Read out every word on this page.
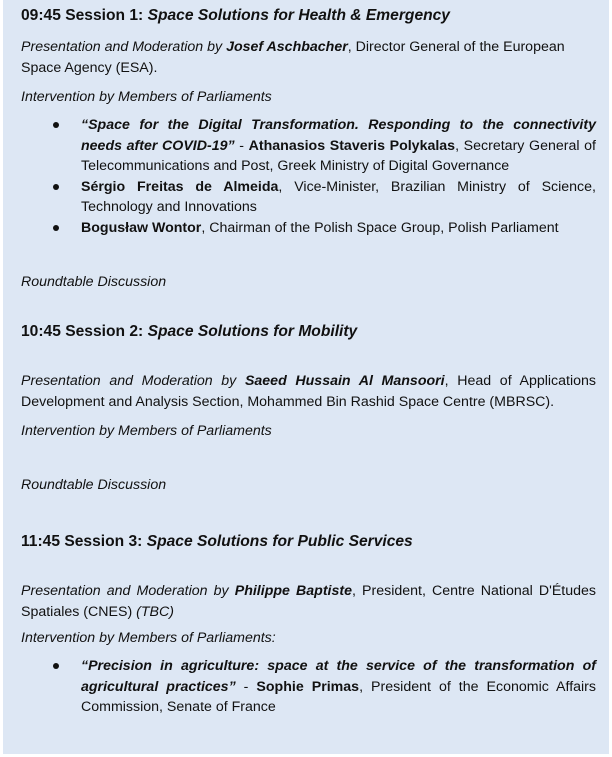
09:45 Session 1: Space Solutions for Health & Emergency
Presentation and Moderation by Josef Aschbacher, Director General of the European Space Agency (ESA).
Intervention by Members of Parliaments
“Space for the Digital Transformation. Responding to the connectivity needs after COVID-19” - Athanasios Staveris Polykalas, Secretary General of Telecommunications and Post, Greek Ministry of Digital Governance
Sérgio Freitas de Almeida, Vice-Minister, Brazilian Ministry of Science, Technology and Innovations
Bogusław Wontor, Chairman of the Polish Space Group, Polish Parliament
Roundtable Discussion
10:45 Session 2: Space Solutions for Mobility
Presentation and Moderation by Saeed Hussain Al Mansoori, Head of Applications Development and Analysis Section, Mohammed Bin Rashid Space Centre (MBRSC).
Intervention by Members of Parliaments
Roundtable Discussion
11:45 Session 3: Space Solutions for Public Services
Presentation and Moderation by Philippe Baptiste, President, Centre National D'Études Spatiales (CNES) (TBC)
Intervention by Members of Parliaments:
“Precision in agriculture: space at the service of the transformation of agricultural practices” - Sophie Primas, President of the Economic Affairs Commission, Senate of France
